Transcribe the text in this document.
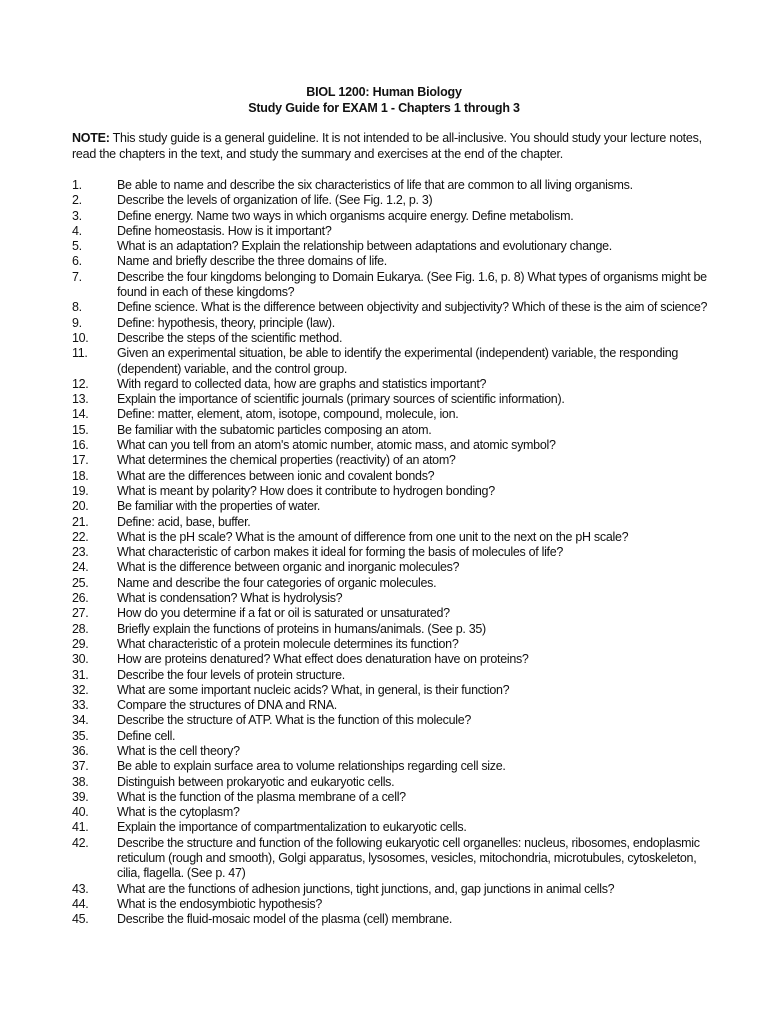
BIOL 1200: Human Biology
Study Guide for EXAM 1 - Chapters 1 through 3
NOTE: This study guide is a general guideline. It is not intended to be all-inclusive. You should study your lecture notes, read the chapters in the text, and study the summary and exercises at the end of the chapter.
1.	Be able to name and describe the six characteristics of life that are common to all living organisms.
2.	Describe the levels of organization of life. (See Fig. 1.2, p. 3)
3.	Define energy. Name two ways in which organisms acquire energy. Define metabolism.
4.	Define homeostasis. How is it important?
5.	What is an adaptation? Explain the relationship between adaptations and evolutionary change.
6.	Name and briefly describe the three domains of life.
7.	Describe the four kingdoms belonging to Domain Eukarya. (See Fig. 1.6, p. 8) What types of organisms might be found in each of these kingdoms?
8.	Define science. What is the difference between objectivity and subjectivity? Which of these is the aim of science?
9.	Define: hypothesis, theory, principle (law).
10.	Describe the steps of the scientific method.
11.	Given an experimental situation, be able to identify the experimental (independent) variable, the responding (dependent) variable, and the control group.
12.	With regard to collected data, how are graphs and statistics important?
13.	Explain the importance of scientific journals (primary sources of scientific information).
14.	Define: matter, element, atom, isotope, compound, molecule, ion.
15.	Be familiar with the subatomic particles composing an atom.
16.	What can you tell from an atom's atomic number, atomic mass, and atomic symbol?
17.	What determines the chemical properties (reactivity) of an atom?
18.	What are the differences between ionic and covalent bonds?
19.	What is meant by polarity? How does it contribute to hydrogen bonding?
20.	Be familiar with the properties of water.
21.	Define: acid, base, buffer.
22.	What is the pH scale? What is the amount of difference from one unit to the next on the pH scale?
23.	What characteristic of carbon makes it ideal for forming the basis of molecules of life?
24.	What is the difference between organic and inorganic molecules?
25.	Name and describe the four categories of organic molecules.
26.	What is condensation? What is hydrolysis?
27.	How do you determine if a fat or oil is saturated or unsaturated?
28.	Briefly explain the functions of proteins in humans/animals. (See p. 35)
29.	What characteristic of a protein molecule determines its function?
30.	How are proteins denatured? What effect does denaturation have on proteins?
31.	Describe the four levels of protein structure.
32.	What are some important nucleic acids? What, in general, is their function?
33.	Compare the structures of DNA and RNA.
34.	Describe the structure of ATP. What is the function of this molecule?
35.	Define cell.
36.	What is the cell theory?
37.	Be able to explain surface area to volume relationships regarding cell size.
38.	Distinguish between prokaryotic and eukaryotic cells.
39.	What is the function of the plasma membrane of a cell?
40.	What is the cytoplasm?
41.	Explain the importance of compartmentalization to eukaryotic cells.
42.	Describe the structure and function of the following eukaryotic cell organelles: nucleus, ribosomes, endoplasmic reticulum (rough and smooth), Golgi apparatus, lysosomes, vesicles, mitochondria, microtubules, cytoskeleton, cilia, flagella. (See p. 47)
43.	What are the functions of adhesion junctions, tight junctions, and, gap junctions in animal cells?
44.	What is the endosymbiotic hypothesis?
45.	Describe the fluid-mosaic model of the plasma (cell) membrane.
